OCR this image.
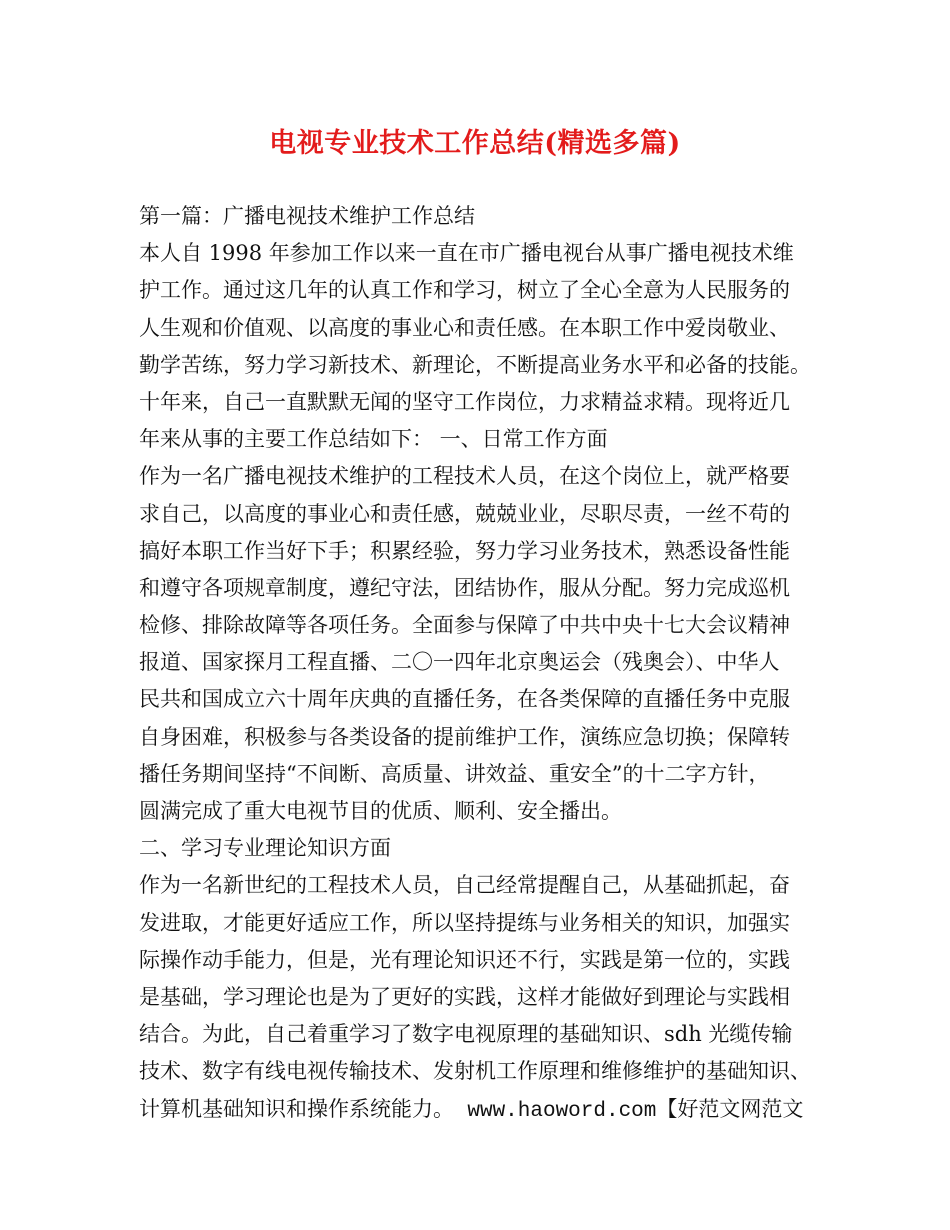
电视专业技术工作总结(精选多篇)

第一篇：广播电视技术维护工作总结

本人自 1998 年参加工作以来一直在市广播电视台从事广播电视技术维

护工作。通过这几年的认真工作和学习，树立了全心全意为人民服务的

人生观和价值观、以高度的事业心和责任感。在本职工作中爱岗敬业、

勤学苦练，努力学习新技术、新理论，不断提高业务水平和必备的技能。

十年来，自己一直默默无闻的坚守工作岗位，力求精益求精。现将近几

年来从事的主要工作总结如下： 一、日常工作方面

作为一名广播电视技术维护的工程技术人员，在这个岗位上，就严格要

求自己，以高度的事业心和责任感，兢兢业业，尽职尽责，一丝不苟的

搞好本职工作当好下手；积累经验，努力学习业务技术，熟悉设备性能

和遵守各项规章制度，遵纪守法，团结协作，服从分配。努力完成巡机

检修、排除故障等各项任务。全面参与保障了中共中央十七大会议精神

报道、国家探月工程直播、二〇一四年北京奥运会（残奥会）、中华人

民共和国成立六十周年庆典的直播任务，在各类保障的直播任务中克服

自身困难，积极参与各类设备的提前维护工作，演练应急切换；保障转

播任务期间坚持“不间断、高质量、讲效益、重安全”的十二字方针，

圆满完成了重大电视节目的优质、顺利、安全播出。

二、学习专业理论知识方面

作为一名新世纪的工程技术人员，自己经常提醒自己，从基础抓起，奋

发进取，才能更好适应工作，所以坚持提练与业务相关的知识，加强实

际操作动手能力，但是，光有理论知识还不行，实践是第一位的，实践

是基础，学习理论也是为了更好的实践，这样才能做好到理论与实践相

结合。为此，自己着重学习了数字电视原理的基础知识、sdh 光缆传输

技术、数字有线电视传输技术、发射机工作原理和维修维护的基础知识、

计算机基础知识和操作系统能力。 www.haoword.com【好范文网范文
